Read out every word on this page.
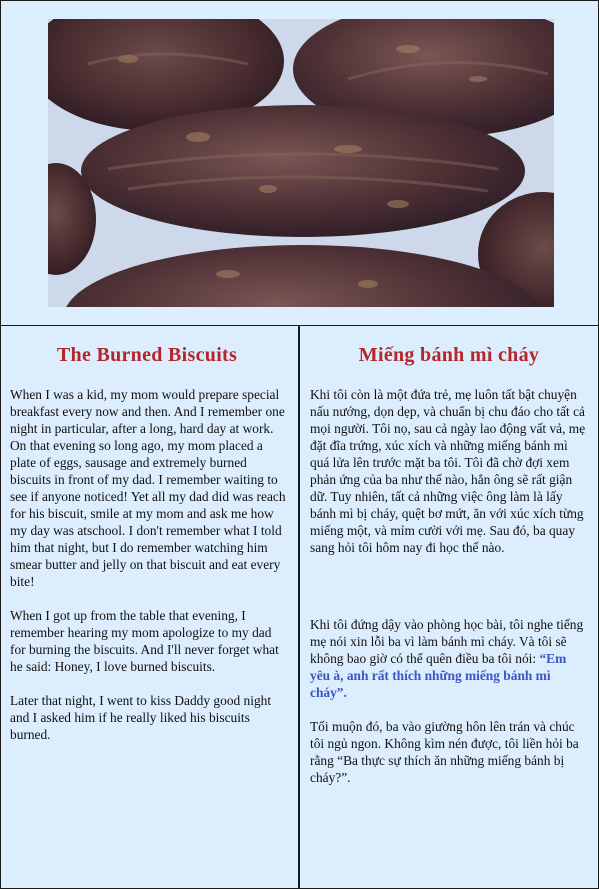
The Burned Biscuits

When I was a kid, my mom would prepare special breakfast every now and then. And I remember one night in particular, after a long, hard day at work. On that evening so long ago, my mom placed a plate of eggs, sausage and extremely burned biscuits in front of my dad. I remember waiting to see if anyone noticed! Yet all my dad did was reach for his biscuit, smile at my mom and ask me how my day was atschool. I don't remember what I told him that night, but I do remember watching him smear butter and jelly on that biscuit and eat every bite!

When I got up from the table that evening, I remember hearing my mom apologize to my dad for burning the biscuits. And I'll never forget what he said: Honey, I love burned biscuits.

Later that night, I went to kiss Daddy good night and I asked him if he really liked his biscuits burned.

Miếng bánh mì cháy

Khi tôi còn là một đứa trẻ, mẹ luôn tất bật chuyện nấu nướng, dọn dẹp, và chuẩn bị chu đáo cho tất cả mọi người. Tôi nọ, sau cả ngày lao động vất vả, mẹ đặt đĩa trứng, xúc xích và những miếng bánh mì quá lửa lên trước mặt ba tôi. Tôi đã chờ đợi xem phản ứng của ba như thế nào, hẳn ông sẽ rất giận dữ. Tuy nhiên, tất cả những việc ông làm là lấy bánh mì bị cháy, quệt bơ mứt, ăn với xúc xích từng miếng một, và mỉm cười với mẹ. Sau đó, ba quay sang hỏi tôi hôm nay đi học thế nào.

Khi tôi đứng dậy vào phòng học bài, tôi nghe tiếng mẹ nói xin lỗi ba vì làm bánh mì cháy. Và tôi sẽ không bao giờ có thể quên điều ba tôi nói: “Em yêu à, anh rất thích những miếng bánh mì cháy”.

Tối muộn đó, ba vào giường hôn lên trán và chúc tôi ngủ ngon. Không kìm nén được, tôi liền hỏi ba rằng “Ba thực sự thích ăn những miếng bánh bị cháy?”.
